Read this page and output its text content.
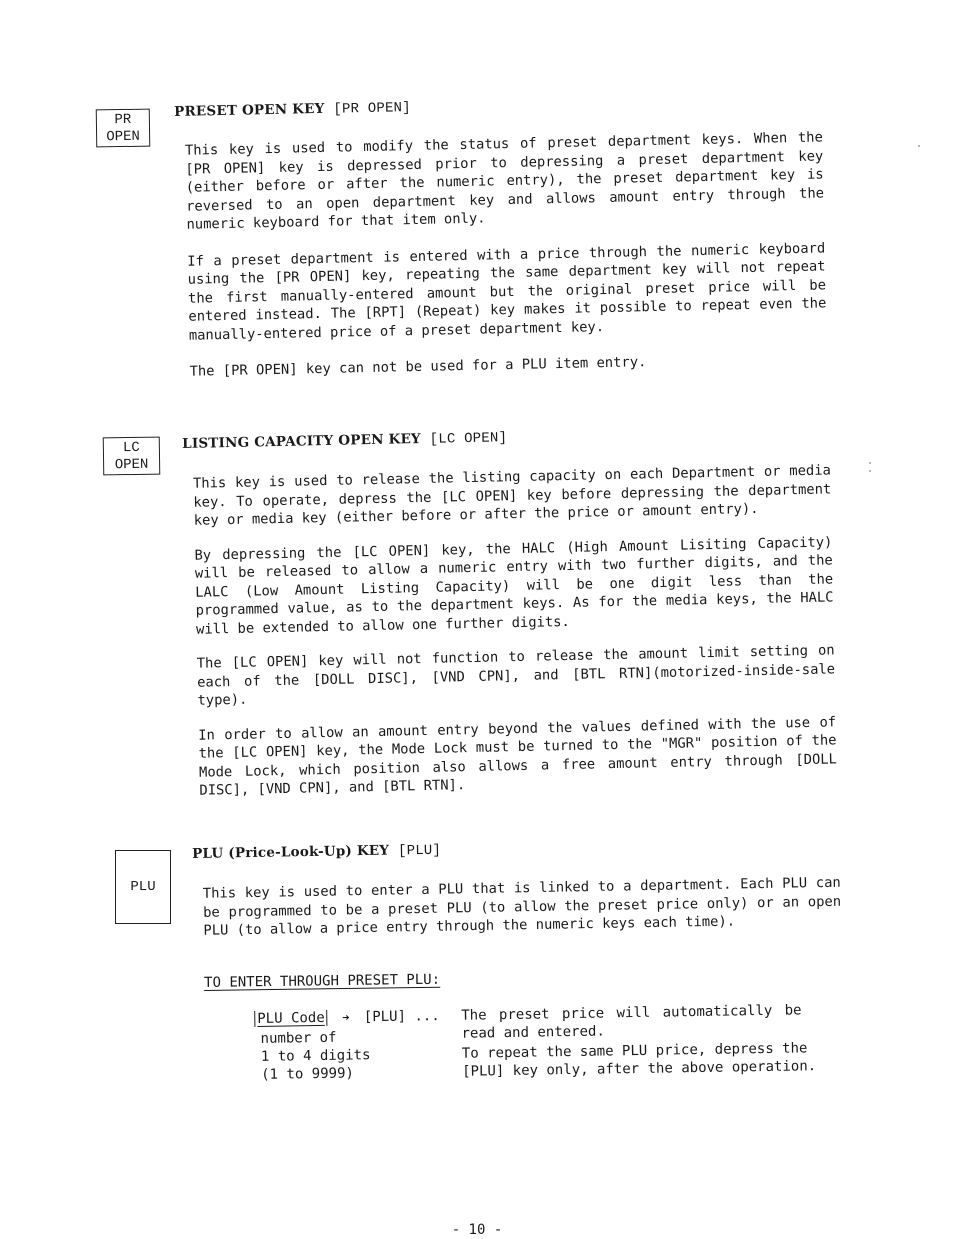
PR
OPEN
PRESET OPEN KEY [PR OPEN]

This key is used to modify the status of preset department keys. When the [PR OPEN] key is depressed prior to depressing a preset department key (either before or after the numeric entry), the preset department key is reversed to an open department key and allows amount entry through the numeric keyboard for that item only.

If a preset department is entered with a price through the numeric keyboard using the [PR OPEN] key, repeating the same department key will not repeat the first manually-entered amount but the original preset price will be entered instead. The [RPT] (Repeat) key makes it possible to repeat even the manually-entered price of a preset department key.

The [PR OPEN] key can not be used for a PLU item entry.

LC
OPEN
LISTING CAPACITY OPEN KEY [LC OPEN]

This key is used to release the listing capacity on each Department or media key. To operate, depress the [LC OPEN] key before depressing the department key or media key (either before or after the price or amount entry).

By depressing the [LC OPEN] key, the HALC (High Amount Lisiting Capacity) will be released to allow a numeric entry with two further digits, and the LALC (Low Amount Listing Capacity) will be one digit less than the programmed value, as to the department keys. As for the media keys, the HALC will be extended to allow one further digits.

The [LC OPEN] key will not function to release the amount limit setting on each of the [DOLL DISC], [VND CPN], and [BTL RTN](motorized-inside-sale type).

In order to allow an amount entry beyond the values defined with the use of the [LC OPEN] key, the Mode Lock must be turned to the "MGR" position of the Mode Lock, which position also allows a free amount entry through [DOLL DISC], [VND CPN], and [BTL RTN].

PLU
PLU (Price-Look-Up) KEY [PLU]

This key is used to enter a PLU that is linked to a department. Each PLU can be programmed to be a preset PLU (to allow the preset price only) or an open PLU (to allow a price entry through the numeric keys each time).

TO ENTER THROUGH PRESET PLU:
PLU Code ➜ [PLU] ...
number of
1 to 4 digits
(1 to 9999)
The preset price will automatically be
read and entered.
To repeat the same PLU price, depress the
[PLU] key only, after the above operation.
- 10 -
